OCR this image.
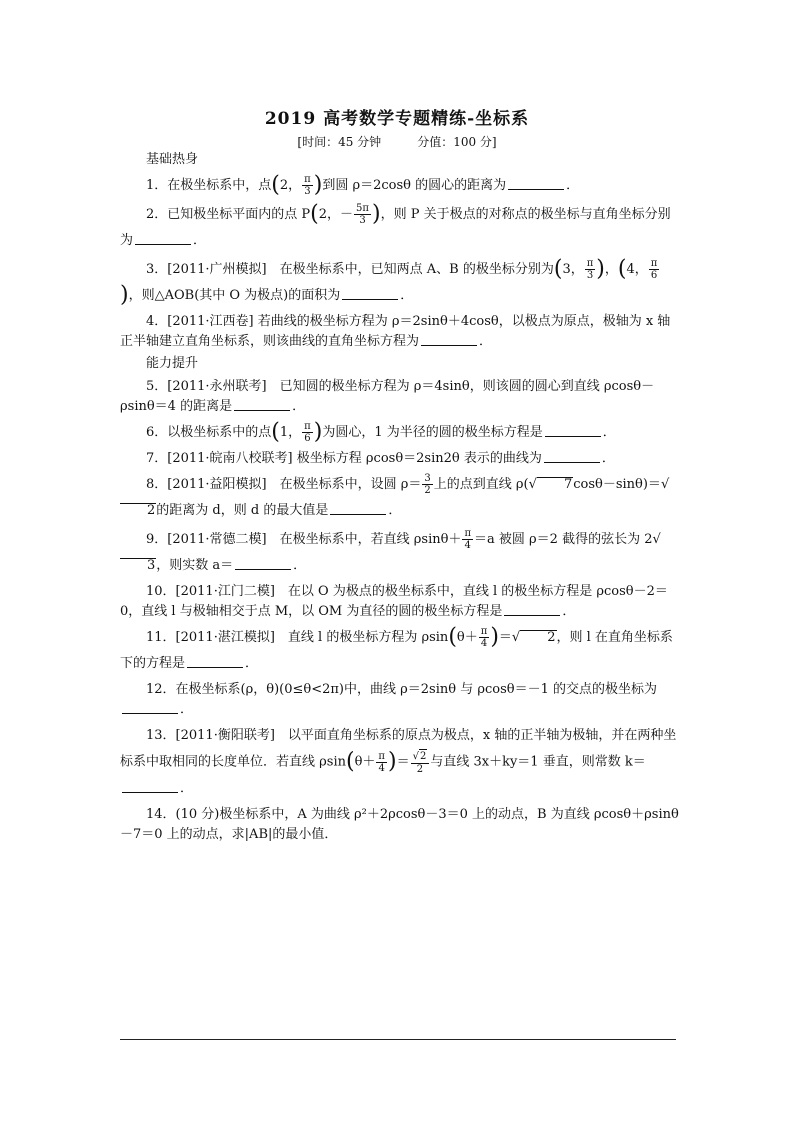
2019 高考数学专题精练-坐标系
[时间：45 分钟	分值：100 分]

基础热身

1．在极坐标系中，点(2， $\frac{\pi}{3}$ )到圆 ρ＝2cosθ 的圆心的距离为	．

2．已知极坐标平面内的点 P(2，－ $\frac{5\pi}{3}$ )，则 P 关于极点的对称点的极坐标与直角坐标分别为	．

3．[2011·广州模拟]　在极坐标系中，已知两点 A、B 的极坐标分别为(3， $\frac{\pi}{3}$ )，(4， $\frac{\pi}{6}$
)，则△AOB(其中 O 为极点)的面积为	．

4．[2011·江西卷] 若曲线的极坐标方程为 ρ＝2sinθ＋4cosθ，以极点为原点，极轴为 x 轴正半轴建立直角坐标系，则该曲线的直角坐标方程为	．

能力提升

5．[2011·永州联考]　已知圆的极坐标方程为 ρ＝4sinθ，则该圆的圆心到直线 ρcosθ－ρsinθ＝4 的距离是	．

6．以极坐标系中的点(1， $\frac{\pi}{6}$ )为圆心，1 为半径的圆的极坐标方程是	．

7．[2011·皖南八校联考] 极坐标方程 ρcosθ＝2sin2θ 表示的曲线为	．

8．[2011·益阳模拟]　在极坐标系中，设圆 $\rho= \frac{3}{2}$ 上的点到直线 ρ(√ 7cosθ－sinθ)＝√2的距离为 d，则 d 的最大值是	．

9．[2011·常德二模]　在极坐标系中，若直线 $\rho\sin\theta+ \frac{\pi}{4} =a$ 被圆 ρ＝2 截得的弦长为 2√3，则实数 a＝	．

10．[2011·江门二模]　在以 O 为极点的极坐标系中，直线 l 的极坐标方程是 ρcosθ－2＝0，直线 l 与极轴相交于点 M，以 OM 为直径的圆的极坐标方程是	．

11．[2011·湛江模拟]　直线 l 的极坐标方程为 $\rho\sin(\theta+ \frac{\pi}{4}$ )＝√ 2，则 l 在直角坐标系下的方程是	．

12．在极坐标系(ρ，θ)(0≤θ<2π)中，曲线 ρ＝2sinθ 与 ρcosθ＝－1 的交点的极坐标为．

13．[2011·衡阳联考]　以平面直角坐标系的原点为极点，x 轴的正半轴为极轴，并在两种坐标系中取相同的长度单位．若直线 $\rho\sin(\theta+ \frac{\pi}{4}$ )＝ $\frac{√2}{2}$ 与直线 3x＋ky＝1 垂直，则常数 k＝．

14．(10 分)极坐标系中，A 为曲线 ρ²＋2ρcosθ－3＝0 上的动点，B 为直线 ρcosθ＋ρsinθ－7＝0 上的动点，求|AB|的最小值．
